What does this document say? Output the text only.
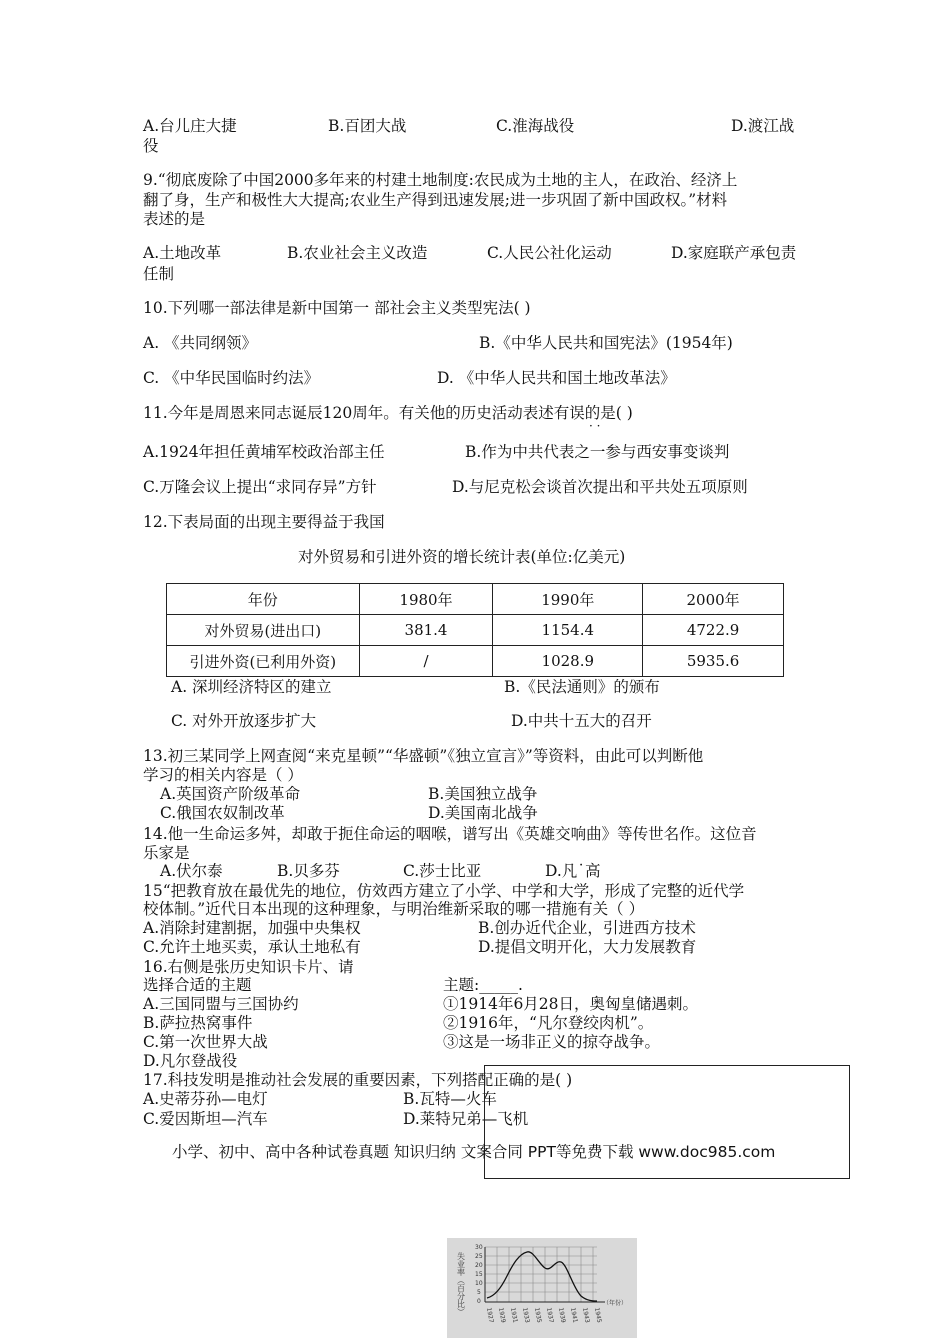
A.台儿庄大捷	B.百团大战	C.淮海战役	D.渡江战
役
9.“彻底废除了中国2000多年来的村建土地制度:农民成为土地的主人，在政治、经济上
翻了身，生产和极性大大提高;农业生产得到迅速发展;进一步巩固了新中国政权。”材料
表述的是
A.土地改革	B.农业社会主义改造	C.人民公社化运动	D.家庭联产承包责
任制
10.下列哪一部法律是新中国第一 部社会主义类型宪法( )
A. 《共同纲领》	B.《中华人民共和国宪法》(1954年)
C. 《中华民国临时约法》	D. 《中华人民共和国土地改革法》
11.今年是周恩来同志诞辰120周年。有关他的历史活动表述有误的是( )
· ·
A.1924年担任黄埔军校政治部主任	B.作为中共代表之一参与西安事变谈判
C.万隆会议上提出“求同存异”方针	D.与尼克松会谈首次提出和平共处五项原则
12.下表局面的出现主要得益于我国
对外贸易和引进外资的增长统计表(单位:亿美元)
年份	1980年	1990年	2000年
对外贸易(进出口)	381.4	1154.4	4722.9
引进外资(已利用外资)	/	1028.9	5935.6
A. 深圳经济特区的建立	B.《民法通则》的颁布
C. 对外开放逐步扩大	D.中共十五大的召开
13.初三某同学上网查阅“来克星顿”“华盛顿”《独立宣言》”等资料，由此可以判断他
学习的相关内容是（ ）
A.英国资产阶级革命	B.美国独立战争
C.俄国农奴制改革	D.美国南北战争
14.他一生命运多舛，却敢于扼住命运的咽喉，谱写出《英雄交响曲》等传世名作。这位音
乐家是
A.伏尔泰	B.贝多芬	C.莎士比亚	D.凡˙高
15“把教育放在最优先的地位，仿效西方建立了小学、中学和大学，形成了完整的近代学
校体制。”近代日本出现的这种理象，与明治维新采取的哪一措施有关（ ）
A.消除封建割据，加强中央集权	B.创办近代企业，引进西方技术
C.允许土地买卖，承认土地私有	D.提倡文明开化，大力发展教育
16.右侧是张历史知识卡片、请
选择合适的主题	主题:_____.
A.三国同盟与三国协约	①1914年6月28日，奥匈皇储遇刺。
B.萨拉热窝事件	②1916年，“凡尔登绞肉机”。
C.第一次世界大战	③这是一场非正义的掠夺战争。
D.凡尔登战役
17.科技发明是推动社会发展的重要因素，下列搭配正确的是( )
A.史蒂芬孙—电灯	B.瓦特—火车
C.爱因斯坦—汽车	D.莱特兄弟—飞机
小学、初中、高中各种试卷真题 知识归纳 文案合同 PPT等免费下载 www.doc985.com
失业率（百分比）
30
25
20
15
10
5
0
1927 1929 1931 1933 1935 1937 1939 1941 1943 1945
（年份）
